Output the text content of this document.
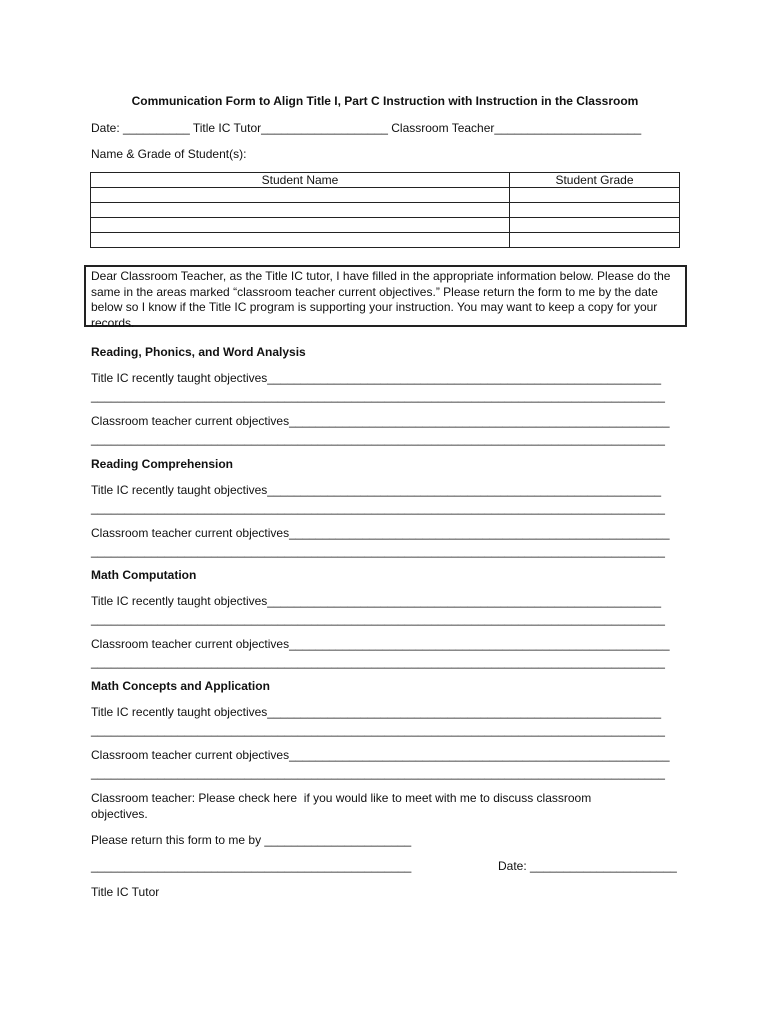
Communication Form to Align Title I, Part C Instruction with Instruction in the Classroom
Date: __________ Title IC Tutor___________________ Classroom Teacher______________________
Name & Grade of Student(s):
Student Name	Student Grade

Dear Classroom Teacher, as the Title IC tutor, I have filled in the appropriate information below. Please do the same in the areas marked “classroom teacher current objectives.” Please return the form to me by the date below so I know if the Title IC program is supporting your instruction. You may want to keep a copy for your records.
Reading, Phonics, and Word Analysis
Title IC recently taught objectives___________________________________________________________
______________________________________________________________________________________
Classroom teacher current objectives_________________________________________________________
______________________________________________________________________________________
Reading Comprehension
Title IC recently taught objectives___________________________________________________________
______________________________________________________________________________________
Classroom teacher current objectives_________________________________________________________
______________________________________________________________________________________
Math Computation
Title IC recently taught objectives___________________________________________________________
______________________________________________________________________________________
Classroom teacher current objectives_________________________________________________________
______________________________________________________________________________________
Math Concepts and Application
Title IC recently taught objectives___________________________________________________________
______________________________________________________________________________________
Classroom teacher current objectives_________________________________________________________
______________________________________________________________________________________
Classroom teacher: Please check here  if you would like to meet with me to discuss classroom
objectives.
Please return this form to me by ______________________
________________________________________________	Date: ______________________
Title IC Tutor
